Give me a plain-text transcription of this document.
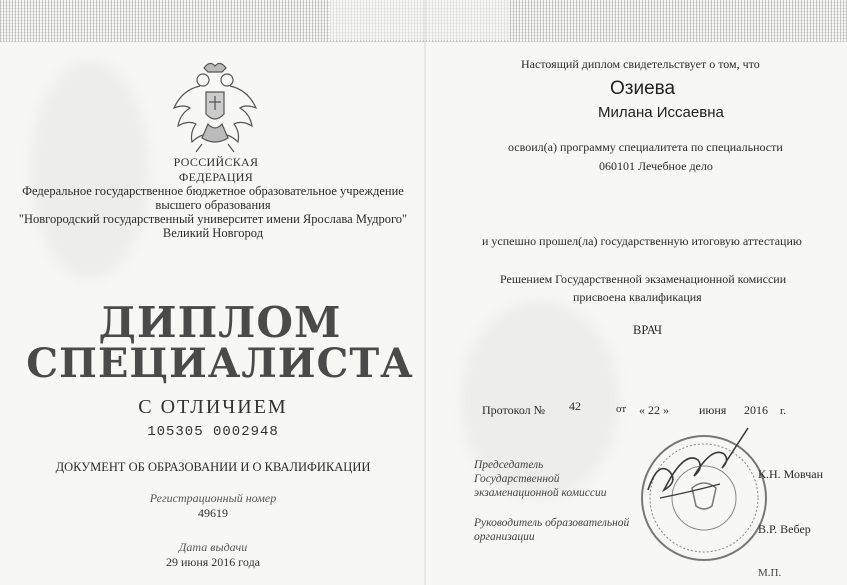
РОССИЙСКАЯ ФЕДЕРАЦИЯ
Федеральное государственное бюджетное образовательное учреждение
высшего образования
"Новгородский государственный университет имени Ярослава Мудрого"
Великий Новгород
ДИПЛОМ
СПЕЦИАЛИСТА
С ОТЛИЧИЕМ
105305 0002948
ДОКУМЕНТ ОБ ОБРАЗОВАНИИ И О КВАЛИФИКАЦИИ
Регистрационный номер
49619
Дата выдачи
29 июня 2016 года
Настоящий диплом свидетельствует о том, что
Озиева
Милана Иссаевна
освоил(а) программу специалитета по специальности
060101 Лечебное дело
и успешно прошел(ла) государственную итоговую аттестацию
Решением Государственной экзаменационной комиссии
присвоена квалификация
ВРАЧ
Протокол № 42	от « 22 »	июня 2016 г.
Председатель
Государственной
экзаменационной комиссии
К.Н. Мовчан
Руководитель образовательной
организации
В.Р. Вебер
М.П.
